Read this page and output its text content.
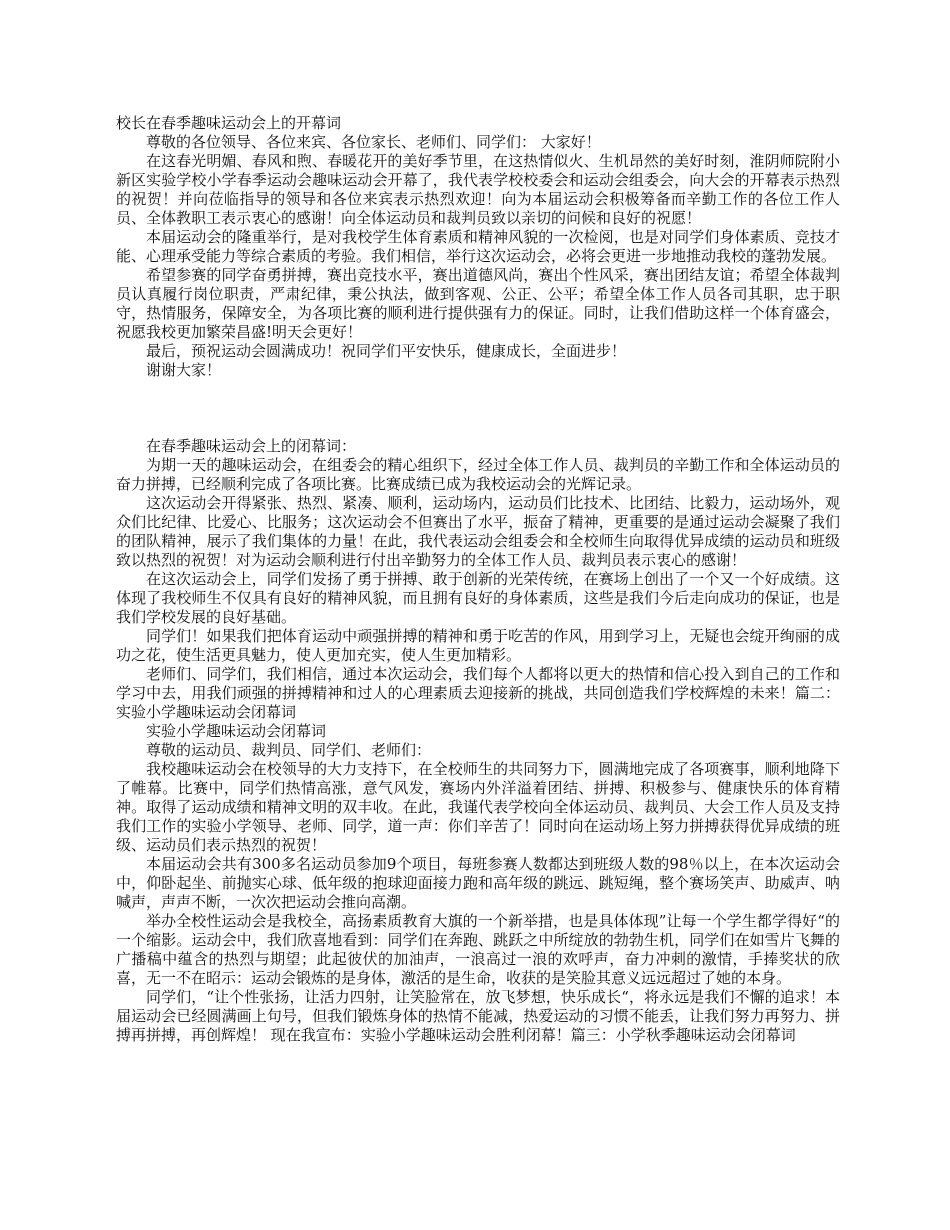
校长在春季趣味运动会上的开幕词

尊敬的各位领导、各位来宾、各位家长、老师们、同学们： 大家好！

在这春光明媚、春风和煦、春暖花开的美好季节里，在这热情似火、生机昂然的美好时刻，淮阴师院附小新区实验学校小学春季运动会趣味运动会开幕了，我代表学校校委会和运动会组委会，向大会的开幕表示热烈的祝贺！并向莅临指导的领导和各位来宾表示热烈欢迎！向为本届运动会积极筹备而辛勤工作的各位工作人员、全体教职工表示衷心的感谢！向全体运动员和裁判员致以亲切的问候和良好的祝愿！

本届运动会的隆重举行，是对我校学生体育素质和精神风貌的一次检阅，也是对同学们身体素质、竞技才能、心理承受能力等综合素质的考验。我们相信，举行这次运动会，必将会更进一步地推动我校的蓬勃发展。

希望参赛的同学奋勇拼搏，赛出竞技水平，赛出道德风尚，赛出个性风采，赛出团结友谊；希望全体裁判员认真履行岗位职责，严肃纪律，秉公执法，做到客观、公正、公平；希望全体工作人员各司其职，忠于职守，热情服务，保障安全，为各项比赛的顺利进行提供强有力的保证。同时，让我们借助这样一个体育盛会，祝愿我校更加繁荣昌盛!明天会更好！

最后，预祝运动会圆满成功！祝同学们平安快乐，健康成长，全面进步！

谢谢大家！

在春季趣味运动会上的闭幕词：

为期一天的趣味运动会，在组委会的精心组织下，经过全体工作人员、裁判员的辛勤工作和全体运动员的奋力拼搏，已经顺利完成了各项比赛。比赛成绩已成为我校运动会的光辉记录。

这次运动会开得紧张、热烈、紧凑、顺利，运动场内，运动员们比技术、比团结、比毅力，运动场外，观众们比纪律、比爱心、比服务；这次运动会不但赛出了水平，振奋了精神，更重要的是通过运动会凝聚了我们的团队精神，展示了我们集体的力量！在此，我代表运动会组委会和全校师生向取得优异成绩的运动员和班级致以热烈的祝贺！对为运动会顺利进行付出辛勤努力的全体工作人员、裁判员表示衷心的感谢！

在这次运动会上，同学们发扬了勇于拼搏、敢于创新的光荣传统，在赛场上创出了一个又一个好成绩。这体现了我校师生不仅具有良好的精神风貌，而且拥有良好的身体素质，这些是我们今后走向成功的保证，也是我们学校发展的良好基础。

同学们！如果我们把体育运动中顽强拼搏的精神和勇于吃苦的作风，用到学习上，无疑也会绽开绚丽的成功之花，使生活更具魅力，使人更加充实，使人生更加精彩。

老师们、同学们，我们相信，通过本次运动会，我们每个人都将以更大的热情和信心投入到自己的工作和学习中去，用我们顽强的拼搏精神和过人的心理素质去迎接新的挑战，共同创造我们学校辉煌的未来！篇二：实验小学趣味运动会闭幕词

实验小学趣味运动会闭幕词

尊敬的运动员、裁判员、同学们、老师们：

我校趣味运动会在校领导的大力支持下，在全校师生的共同努力下，圆满地完成了各项赛事，顺利地降下了帷幕。比赛中，同学们热情高涨，意气风发，赛场内外洋溢着团结、拼搏、积极参与、健康快乐的体育精神。取得了运动成绩和精神文明的双丰收。在此，我谨代表学校向全体运动员、裁判员、大会工作人员及支持我们工作的实验小学领导、老师、同学，道一声：你们辛苦了！同时向在运动场上努力拼搏获得优异成绩的班级、运动员们表示热烈的祝贺！

本届运动会共有300多名运动员参加9个项目，每班参赛人数都达到班级人数的98％以上，在本次运动会中，仰卧起坐、前抛实心球、低年级的抱球迎面接力跑和高年级的跳远、跳短绳，整个赛场笑声、助威声、呐喊声，声声不断，一次次把运动会推向高潮。

举办全校性运动会是我校全，高扬素质教育大旗的一个新举措，也是具体体现”让每一个学生都学得好“的一个缩影。运动会中，我们欣喜地看到：同学们在奔跑、跳跃之中所绽放的勃勃生机，同学们在如雪片飞舞的广播稿中蕴含的热烈与期望；此起彼伏的加油声，一浪高过一浪的欢呼声，奋力冲刺的激情，手捧奖状的欣喜，无一不在昭示：运动会锻炼的是身体，激活的是生命，收获的是笑脸其意义远远超过了她的本身。

同学们，“让个性张扬，让活力四射，让笑脸常在，放飞梦想，快乐成长“，将永远是我们不懈的追求！本届运动会已经圆满画上句号，但我们锻炼身体的热情不能减，热爱运动的习惯不能丢，让我们努力再努力、拼搏再拼搏，再创辉煌！ 现在我宣布：实验小学趣味运动会胜利闭幕！篇三：小学秋季趣味运动会闭幕词
